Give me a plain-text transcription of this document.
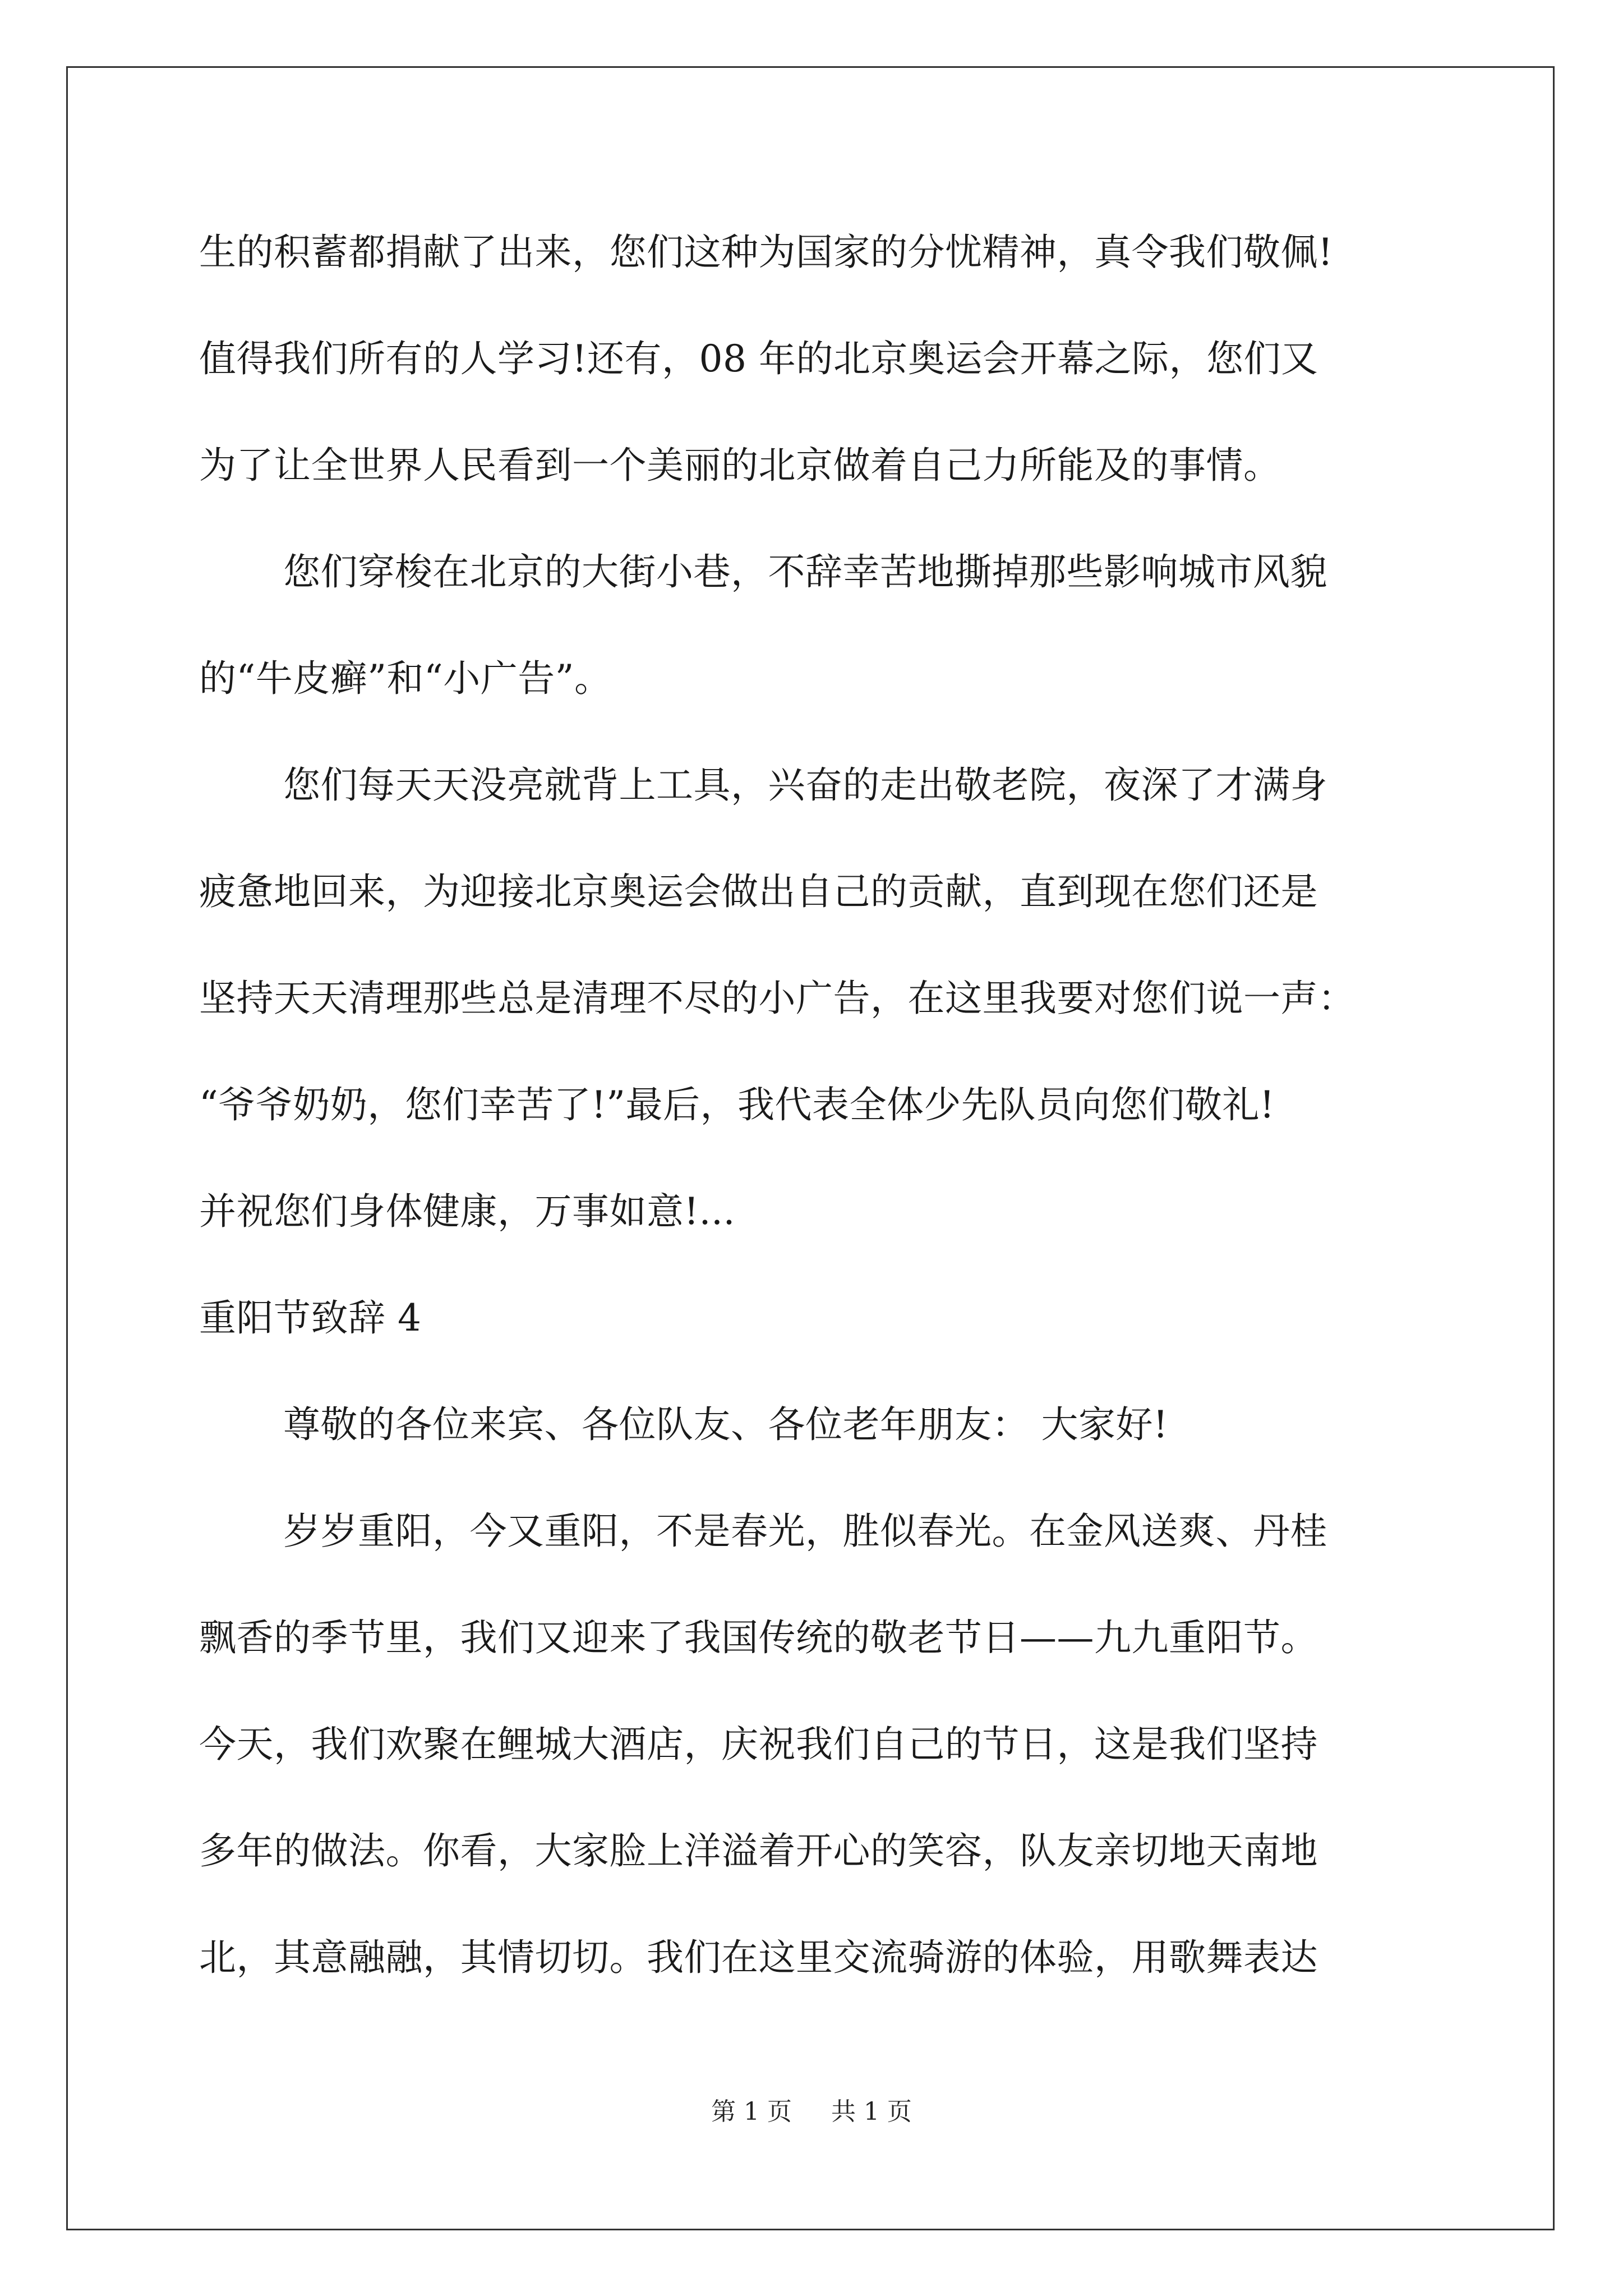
生的积蓄都捐献了出来，您们这种为国家的分忧精神，真令我们敬佩!
值得我们所有的人学习!还有，08 年的北京奥运会开幕之际，您们又
为了让全世界人民看到一个美丽的北京做着自己力所能及的事情。
您们穿梭在北京的大街小巷，不辞幸苦地撕掉那些影响城市风貌
的“牛皮癣”和“小广告”。
您们每天天没亮就背上工具，兴奋的走出敬老院，夜深了才满身
疲惫地回来，为迎接北京奥运会做出自己的贡献，直到现在您们还是
坚持天天清理那些总是清理不尽的小广告，在这里我要对您们说一声：
“爷爷奶奶，您们幸苦了!”最后，我代表全体少先队员向您们敬礼!
并祝您们身体健康，万事如意!...
重阳节致辞 4
尊敬的各位来宾、各位队友、各位老年朋友： 大家好!
岁岁重阳，今又重阳，不是春光，胜似春光。在金风送爽、丹桂
飘香的季节里，我们又迎来了我国传统的敬老节日——九九重阳节。
今天，我们欢聚在鲤城大酒店，庆祝我们自己的节日，这是我们坚持
多年的做法。你看，大家脸上洋溢着开心的笑容，队友亲切地天南地
北，其意融融，其情切切。我们在这里交流骑游的体验，用歌舞表达
第 1 页 共 1 页
